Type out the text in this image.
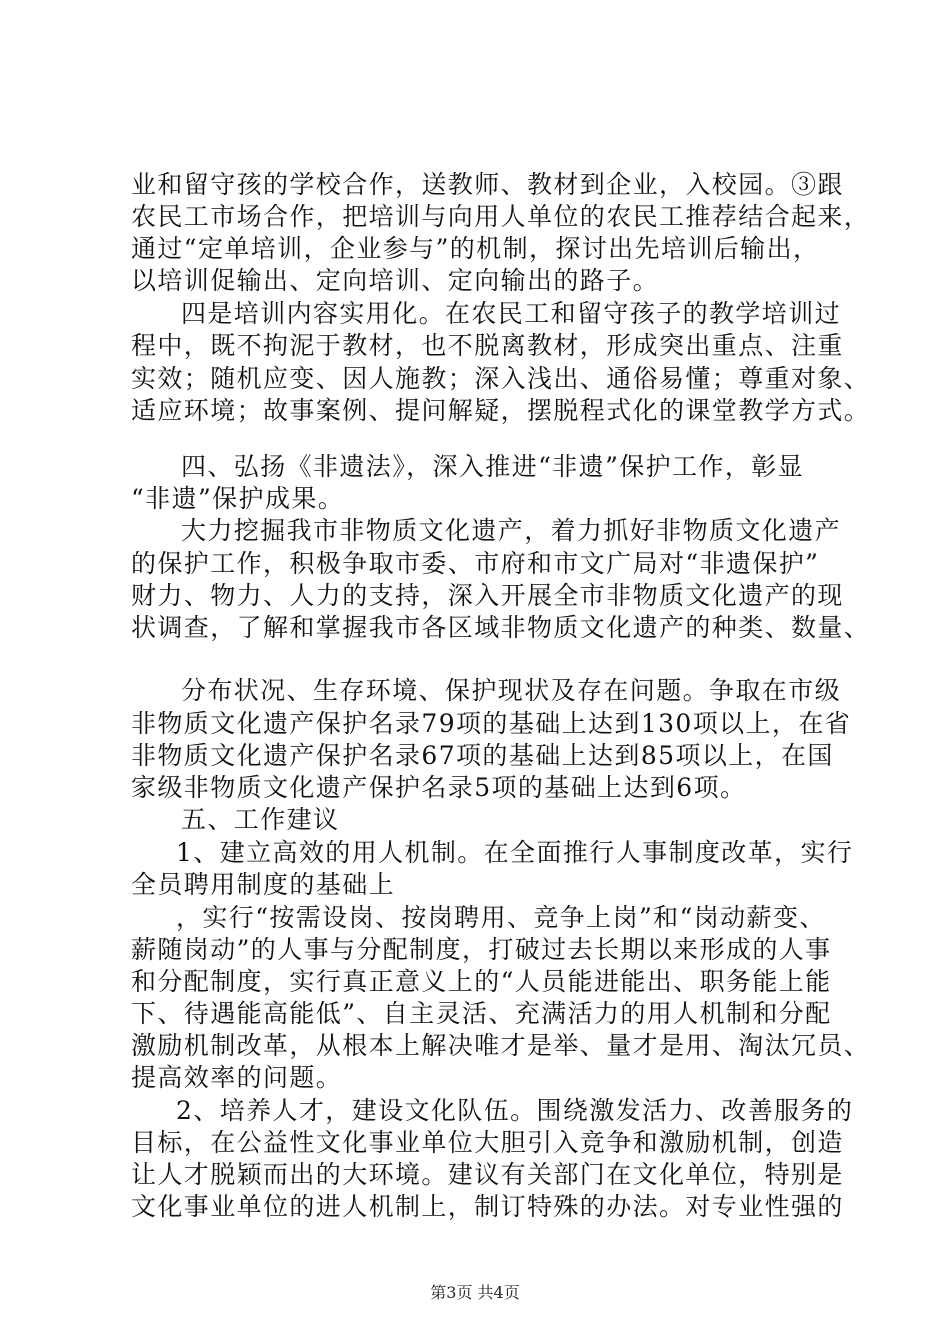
业和留守孩的学校合作，送教师、教材到企业，入校园。③跟
农民工市场合作，把培训与向用人单位的农民工推荐结合起来，
通过“定单培训，企业参与”的机制，探讨出先培训后输出，
以培训促输出、定向培训、定向输出的路子。
四是培训内容实用化。在农民工和留守孩子的教学培训过
程中，既不拘泥于教材，也不脱离教材，形成突出重点、注重
实效；随机应变、因人施教；深入浅出、通俗易懂；尊重对象、
适应环境；故事案例、提问解疑，摆脱程式化的课堂教学方式。
四、弘扬《非遗法》，深入推进“非遗”保护工作，彰显
“非遗”保护成果。
大力挖掘我市非物质文化遗产，着力抓好非物质文化遗产
的保护工作，积极争取市委、市府和市文广局对“非遗保护”
财力、物力、人力的支持，深入开展全市非物质文化遗产的现
状调查，了解和掌握我市各区域非物质文化遗产的种类、数量、
分布状况、生存环境、保护现状及存在问题。争取在市级
非物质文化遗产保护名录79项的基础上达到130项以上，在省
非物质文化遗产保护名录67项的基础上达到85项以上，在国
家级非物质文化遗产保护名录5项的基础上达到6项。
五、工作建议
1、建立高效的用人机制。在全面推行人事制度改革，实行
全员聘用制度的基础上
，实行“按需设岗、按岗聘用、竞争上岗”和“岗动薪变、
薪随岗动”的人事与分配制度，打破过去长期以来形成的人事
和分配制度，实行真正意义上的“人员能进能出、职务能上能
下、待遇能高能低”、自主灵活、充满活力的用人机制和分配
激励机制改革，从根本上解决唯才是举、量才是用、淘汰冗员、
提高效率的问题。
2、培养人才，建设文化队伍。围绕激发活力、改善服务的
目标，在公益性文化事业单位大胆引入竞争和激励机制，创造
让人才脱颖而出的大环境。建议有关部门在文化单位，特别是
文化事业单位的进人机制上，制订特殊的办法。对专业性强的
第3页 共4页
